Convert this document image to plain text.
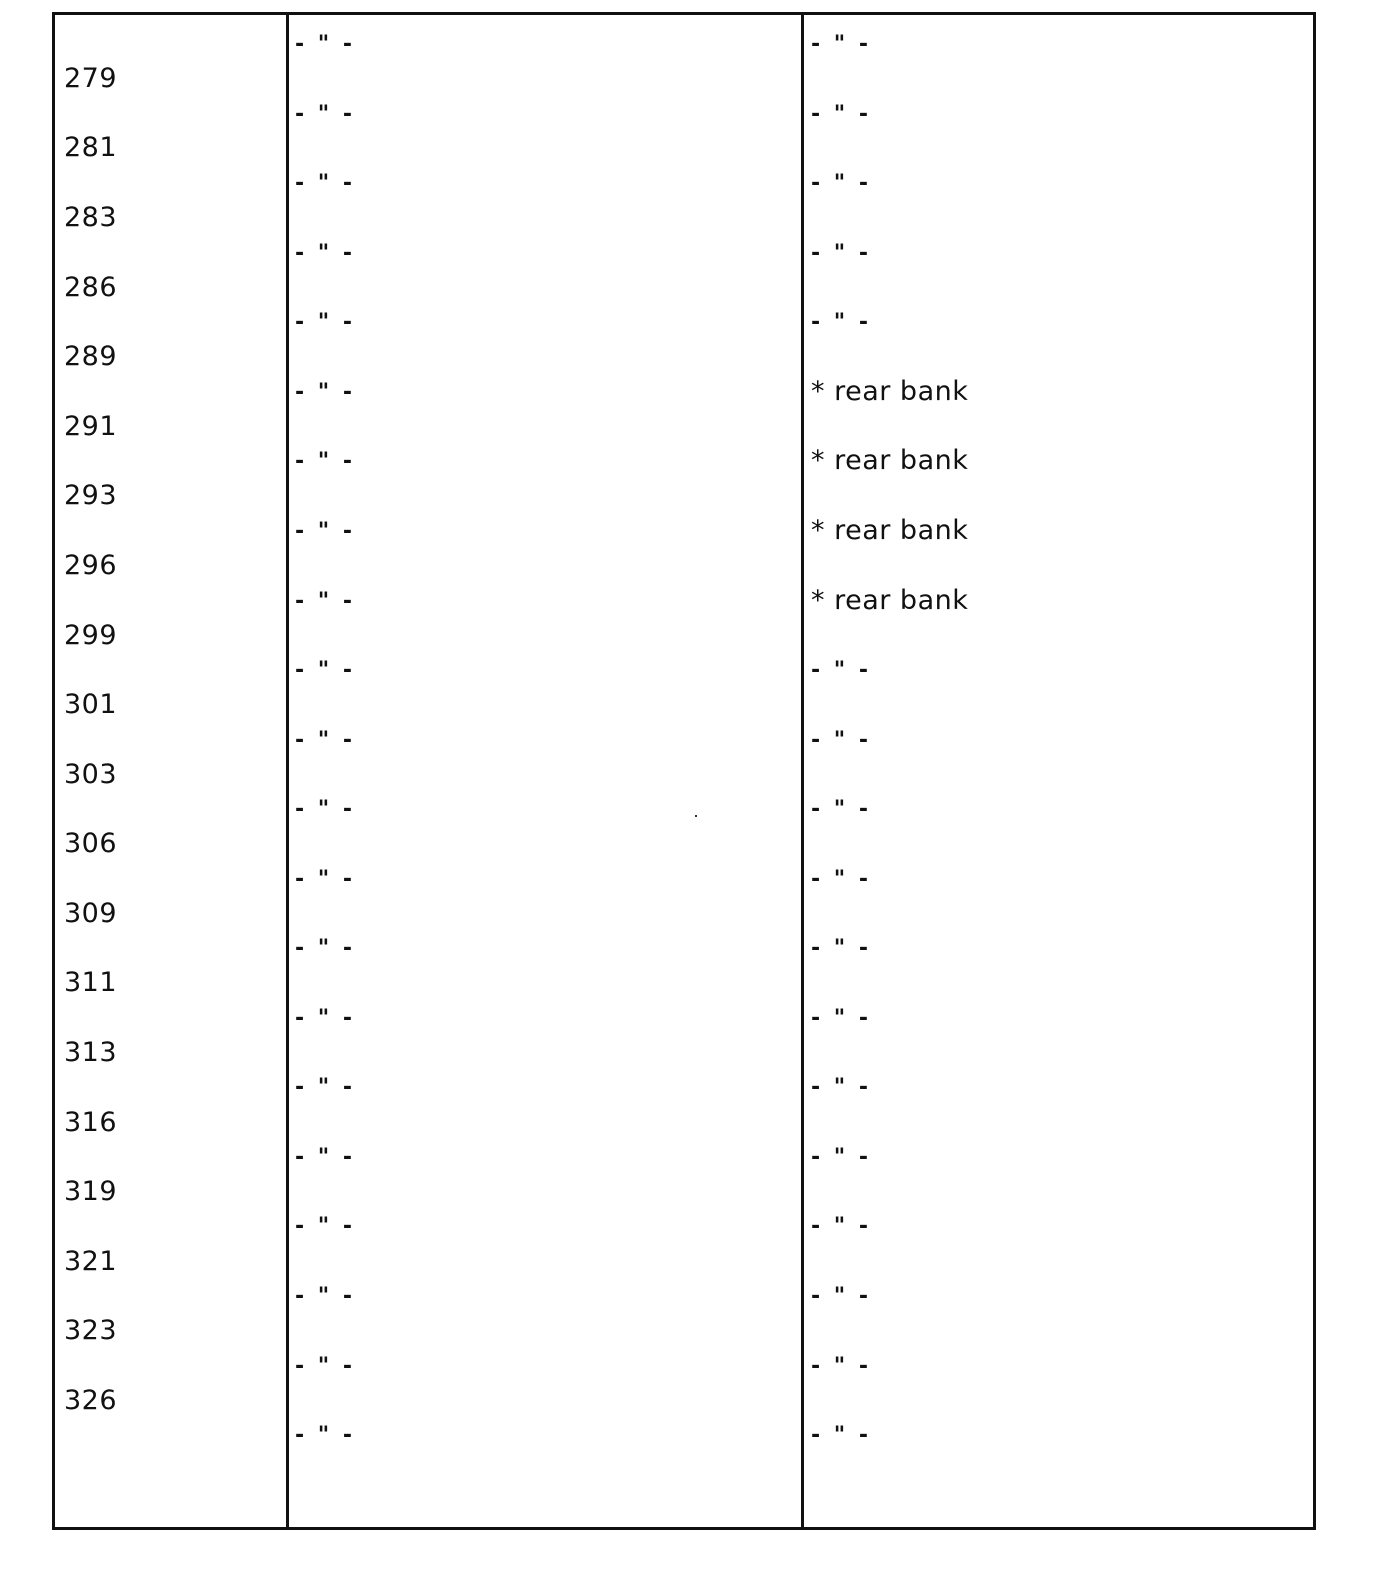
279
281
283
286
289
291
293
296
299
301
303
306
309
311
313
316
319
321
323
326
- " -
- " -
- " -
- " -
- " -
- " -
- " -
- " -
- " -
- " -
- " -
- " -
- " -
- " -
- " -
- " -
- " -
- " -
- " -
- " -
- " -
- " -
- " -
- " -
- " -
- " -
* rear bank
* rear bank
* rear bank
* rear bank
- " -
- " -
- " -
- " -
- " -
- " -
- " -
- " -
- " -
- " -
- " -
- " -
